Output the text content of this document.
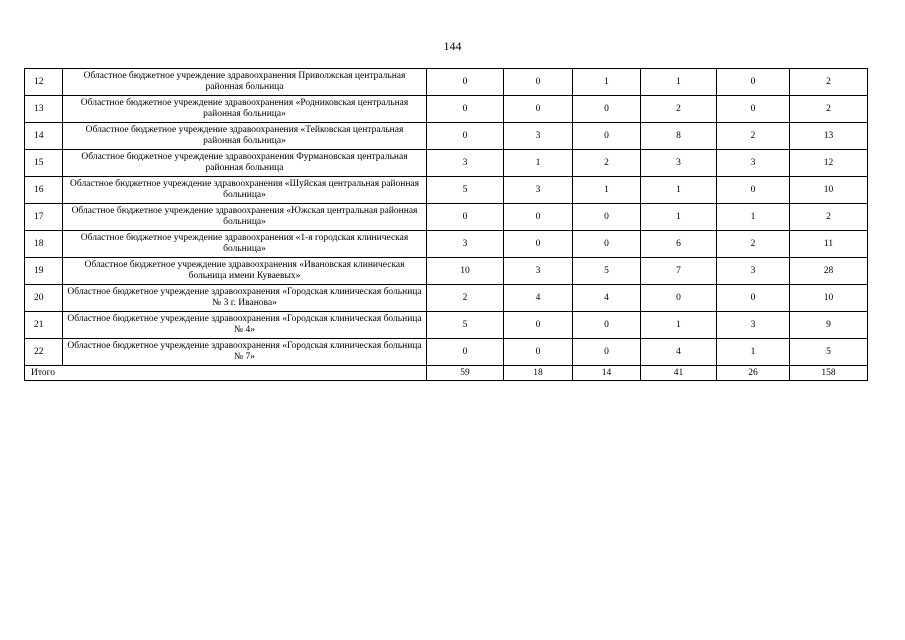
144
12	Областное бюджетное учреждение здравоохранения Приволжская центральная районная больница	0	0	1	1	0	2
13	Областное бюджетное учреждение здравоохранения «Родниковская центральная районная больница»	0	0	0	2	0	2
14	Областное бюджетное учреждение здравоохранения «Тейковская центральная районная больница»	0	3	0	8	2	13
15	Областное бюджетное учреждение здравоохранения Фурмановская центральная районная больница	3	1	2	3	3	12
16	Областное бюджетное учреждение здравоохранения «Шуйская центральная районная больница»	5	3	1	1	0	10
17	Областное бюджетное учреждение здравоохранения «Южская центральная районная больница»	0	0	0	1	1	2
18	Областное бюджетное учреждение здравоохранения «1-я городская клиническая больница»	3	0	0	6	2	11
19	Областное бюджетное учреждение здравоохранения «Ивановская клиническая больница имени Куваевых»	10	3	5	7	3	28
20	Областное бюджетное учреждение здравоохранения «Городская клиническая больница № 3 г. Иванова»	2	4	4	0	0	10
21	Областное бюджетное учреждение здравоохранения «Городская клиническая больница № 4»	5	0	0	1	3	9
22	Областное бюджетное учреждение здравоохранения «Городская клиническая больница № 7»	0	0	0	4	1	5
Итого		59	18	14	41	26	158
